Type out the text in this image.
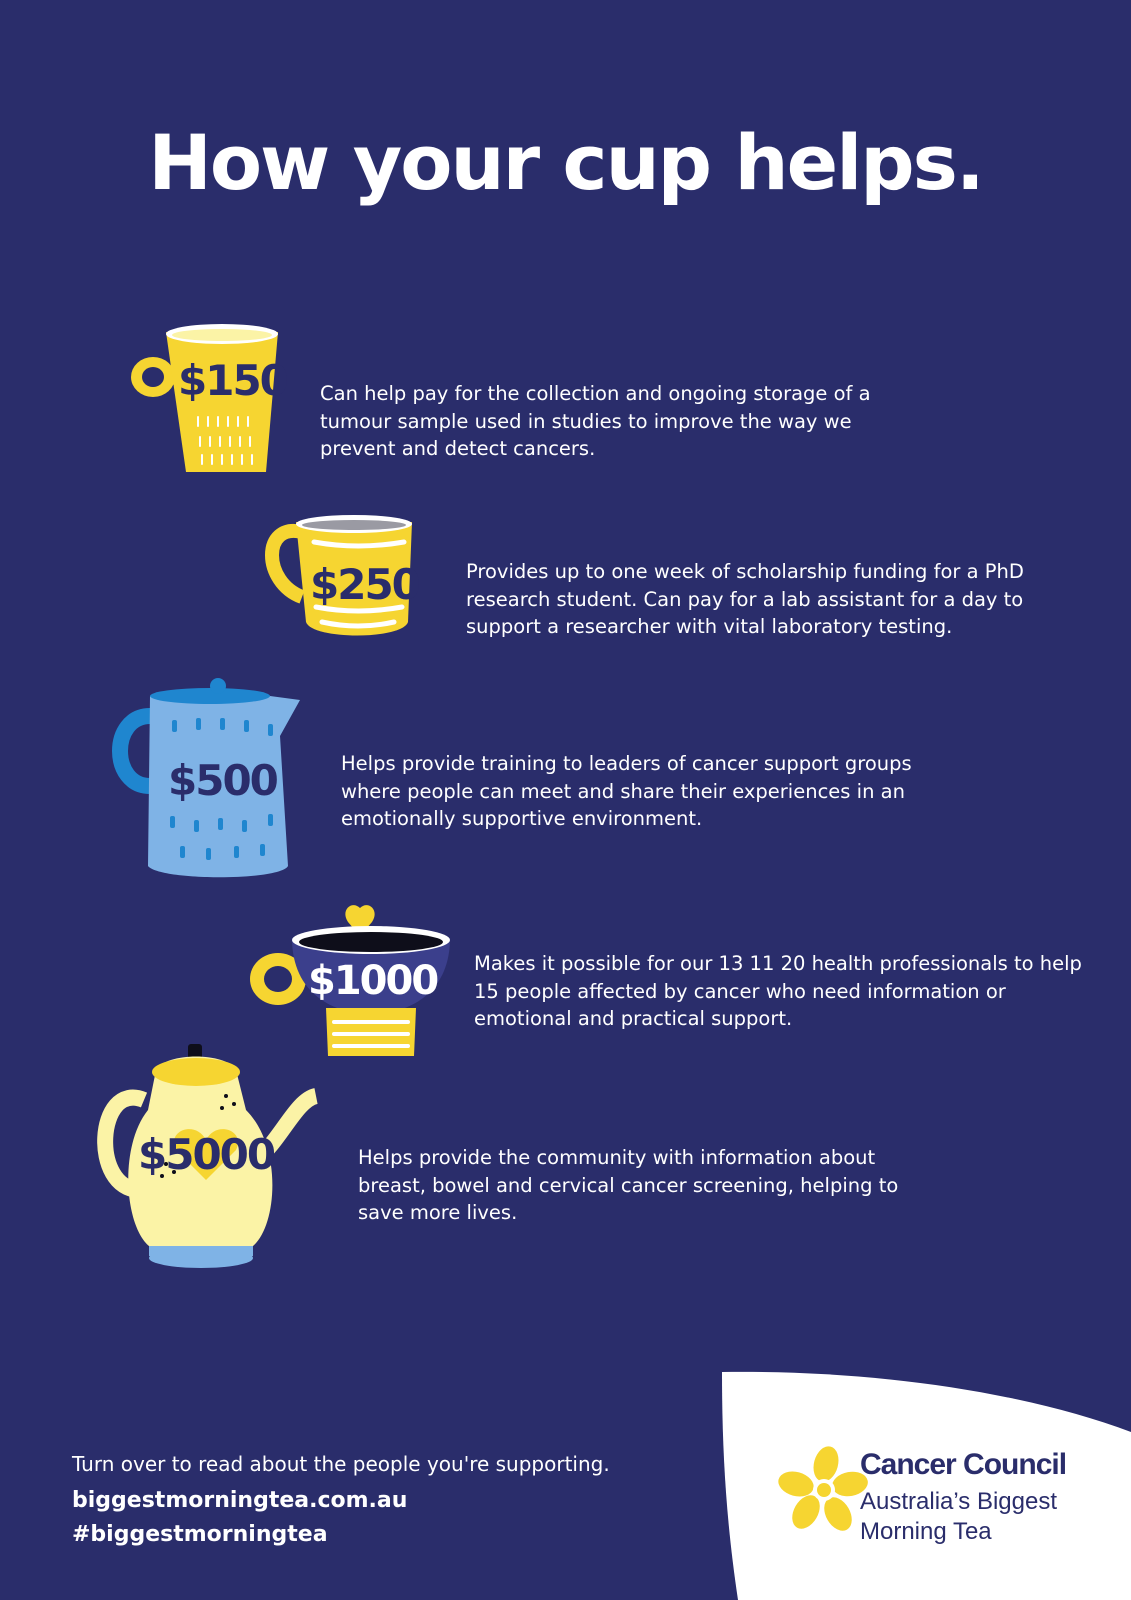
How your cup helps.
$150 Can help pay for the collection and ongoing storage of a tumour sample used in studies to improve the way we prevent and detect cancers.
$250 Provides up to one week of scholarship funding for a PhD research student. Can pay for a lab assistant for a day to support a researcher with vital laboratory testing.
$500	Helps provide training to leaders of cancer support groups where people can meet and share their experiences in an emotionally supportive environment.
$1000 Makes it possible for our 13 11 20 health professionals to help 15 people affected by cancer who need information or emotional and practical support.
$5000	Helps provide the community with information about breast, bowel and cervical cancer screening, helping to save more lives.
Turn over to read about the people you're supporting.
biggestmorningtea.com.au
#biggestmorningtea
Cancer Council
Australia’s Biggest
Morning Tea
